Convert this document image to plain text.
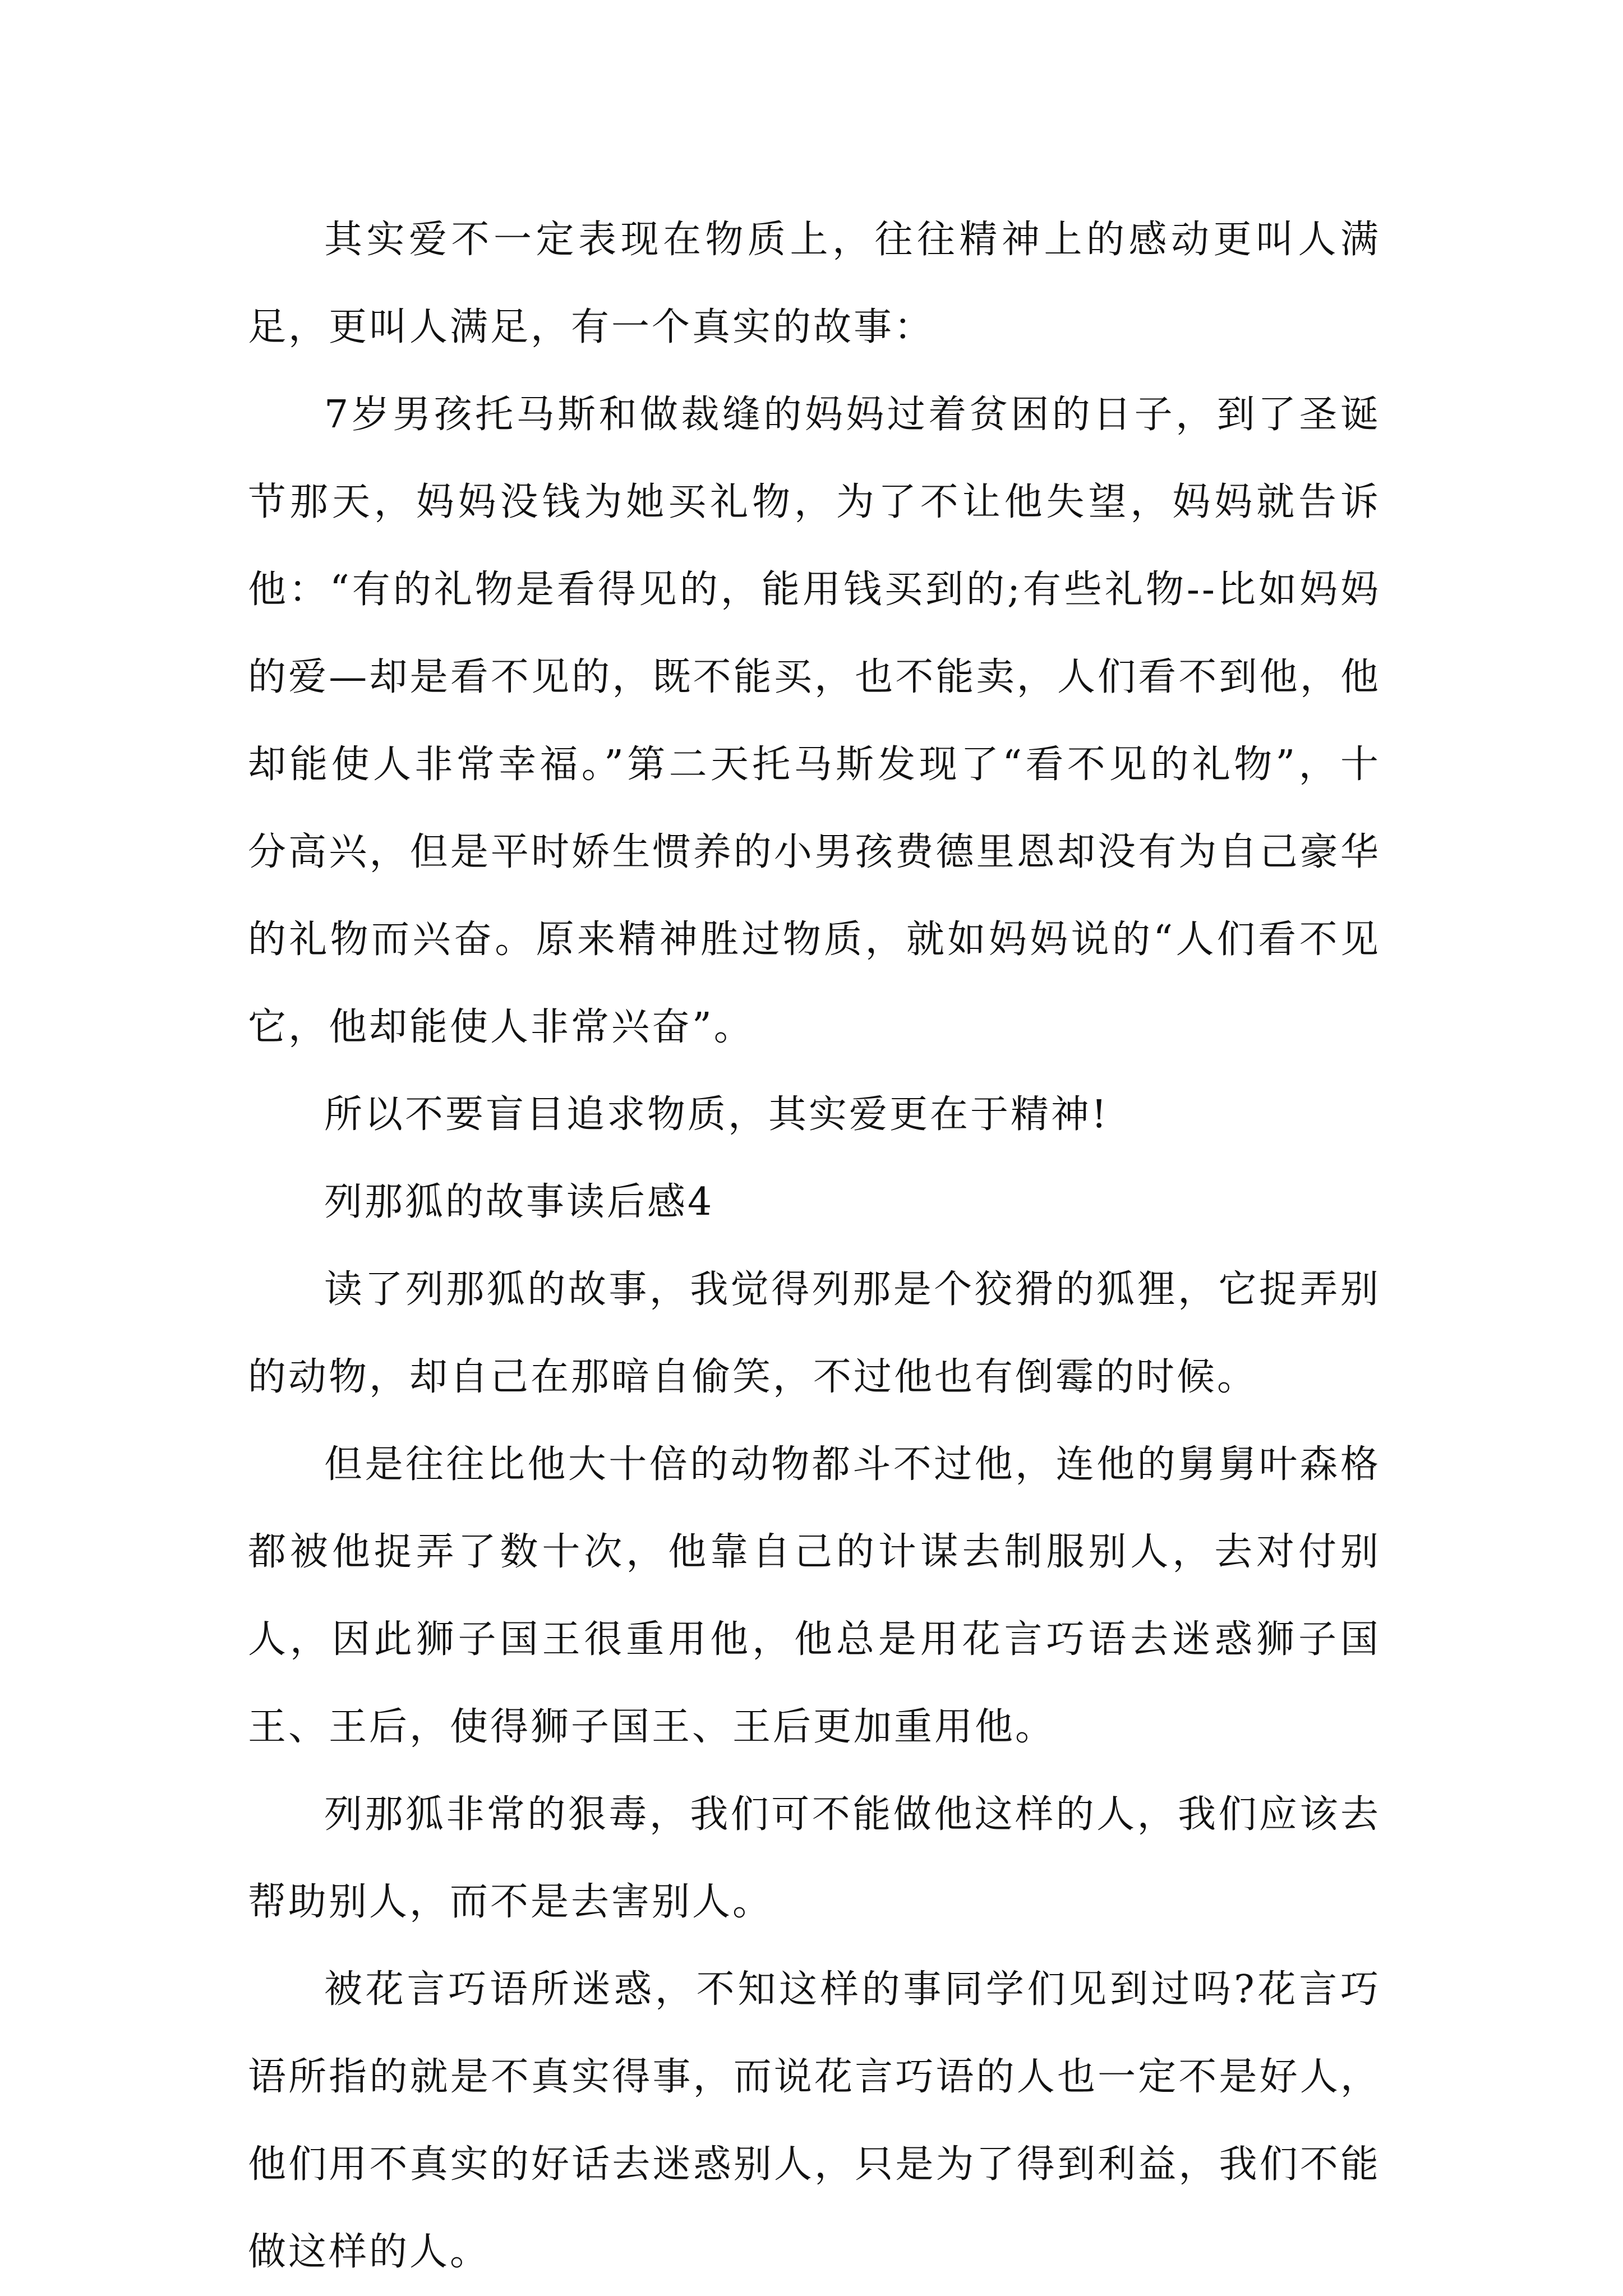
其实爱不一定表现在物质上，往往精神上的感动更叫人满足，更叫人满足，有一个真实的故事：

7岁男孩托马斯和做裁缝的妈妈过着贫困的日子，到了圣诞节那天，妈妈没钱为她买礼物，为了不让他失望，妈妈就告诉他：“有的礼物是看得见的，能用钱买到的;有些礼物--比如妈妈的爱—却是看不见的，既不能买，也不能卖，人们看不到他，他却能使人非常幸福。”第二天托马斯发现了“看不见的礼物”，十分高兴，但是平时娇生惯养的小男孩费德里恩却没有为自己豪华的礼物而兴奋。原来精神胜过物质，就如妈妈说的“人们看不见它，他却能使人非常兴奋”。

所以不要盲目追求物质，其实爱更在于精神!

列那狐的故事读后感4

读了列那狐的故事，我觉得列那是个狡猾的狐狸，它捉弄别的动物，却自己在那暗自偷笑，不过他也有倒霉的时候。

但是往往比他大十倍的动物都斗不过他，连他的舅舅叶森格都被他捉弄了数十次，他靠自己的计谋去制服别人，去对付别人，因此狮子国王很重用他，他总是用花言巧语去迷惑狮子国王、王后，使得狮子国王、王后更加重用他。

列那狐非常的狠毒，我们可不能做他这样的人，我们应该去帮助别人，而不是去害别人。

被花言巧语所迷惑，不知这样的事同学们见到过吗?花言巧语所指的就是不真实得事，而说花言巧语的人也一定不是好人，他们用不真实的好话去迷惑别人，只是为了得到利益，我们不能做这样的人。
